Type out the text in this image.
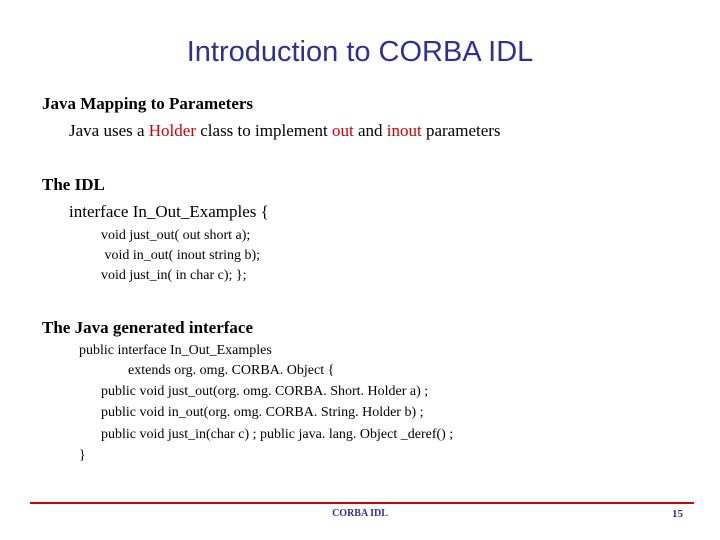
Introduction to CORBA IDL
Java Mapping to Parameters
Java uses a Holder class to implement out and inout parameters
The IDL
interface In_Out_Examples {
void just_out( out short a);
void in_out( inout string b);
void just_in( in char c); };
The Java generated interface
public interface In_Out_Examples
extends org. omg. CORBA. Object {
public void just_out(org. omg. CORBA. Short. Holder a) ;
public void in_out(org. omg. CORBA. String. Holder b) ;
public void just_in(char c) ; public java. lang. Object _deref() ;
}
CORBA IDL	15
